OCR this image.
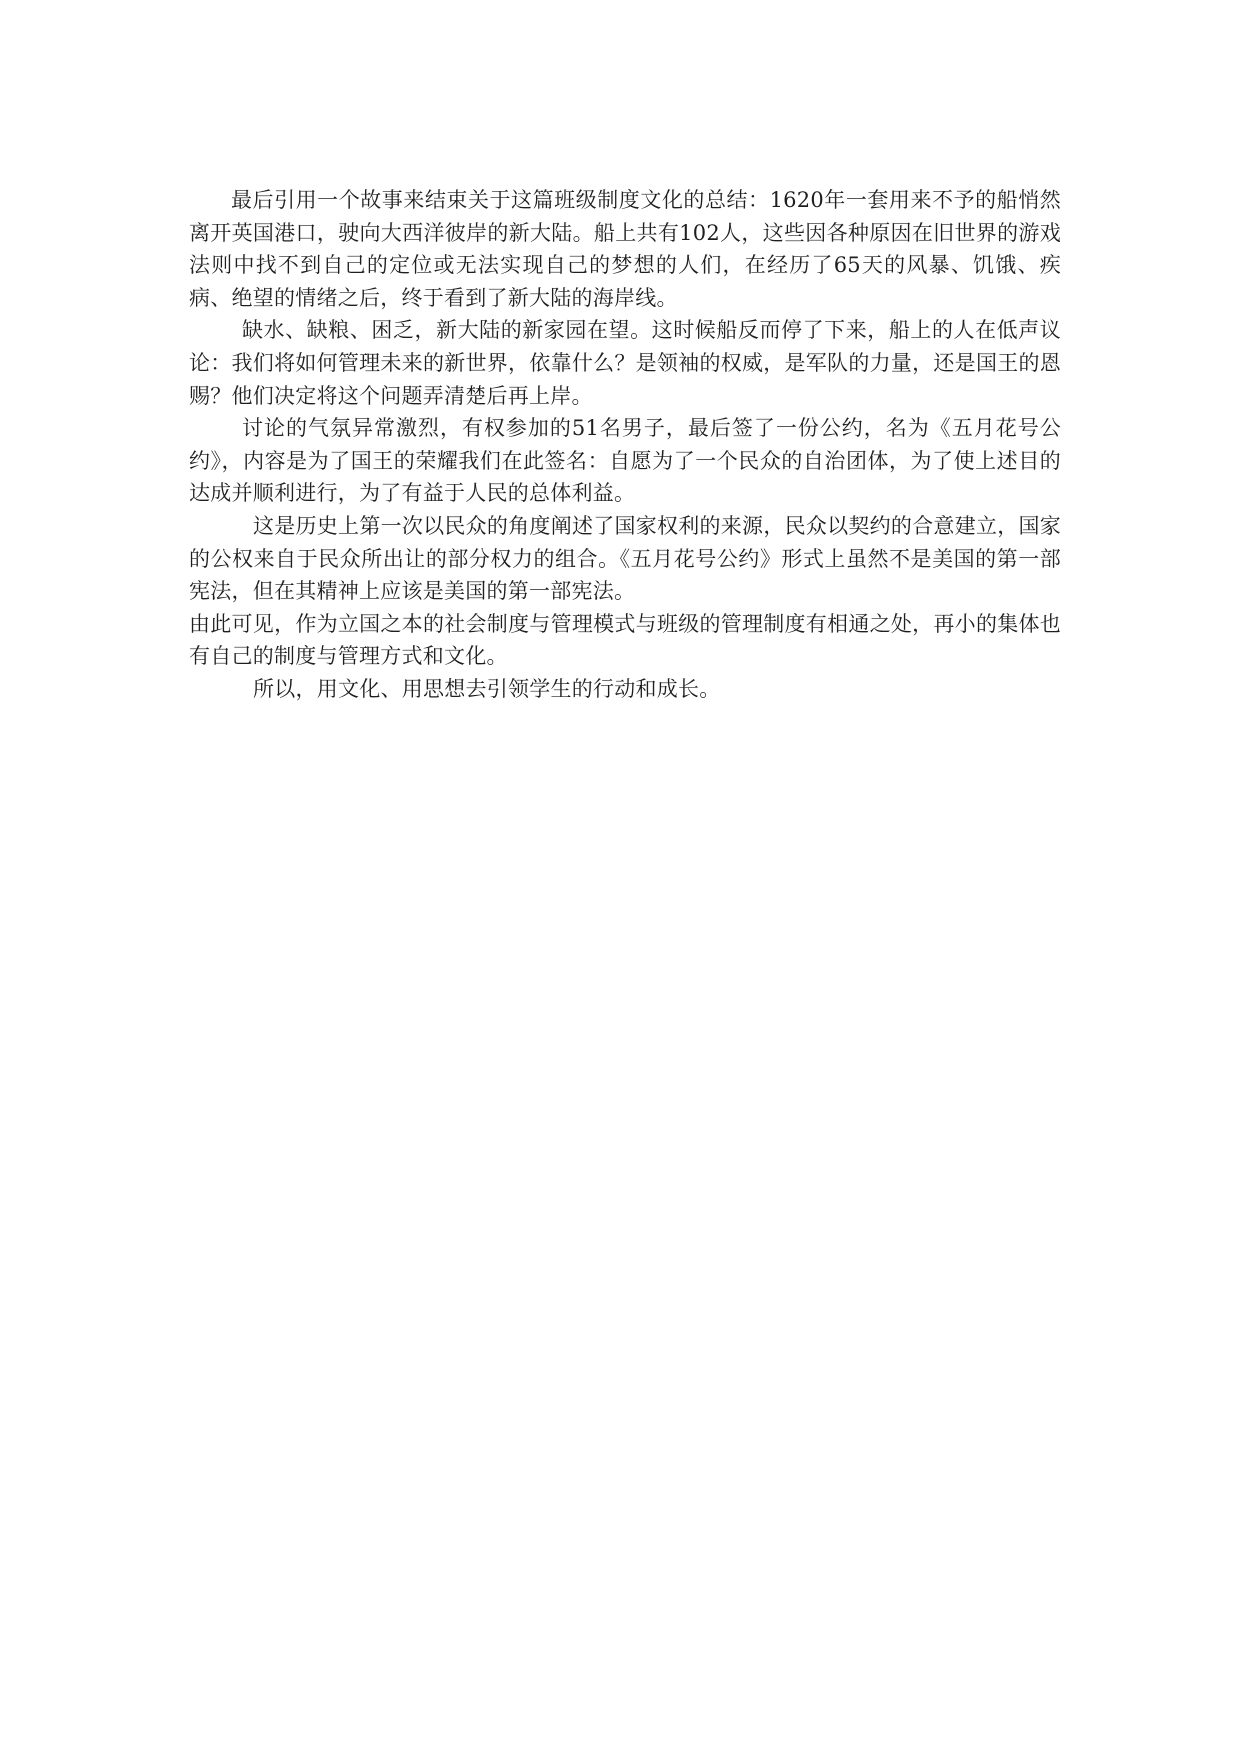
最后引用一个故事来结束关于这篇班级制度文化的总结：1620年一套用来不予的船悄然离开英国港口，驶向大西洋彼岸的新大陆。船上共有102人，这些因各种原因在旧世界的游戏法则中找不到自己的定位或无法实现自己的梦想的人们，在经历了65天的风暴、饥饿、疾病、绝望的情绪之后，终于看到了新大陆的海岸线。

缺水、缺粮、困乏，新大陆的新家园在望。这时候船反而停了下来，船上的人在低声议论：我们将如何管理未来的新世界，依靠什么？是领袖的权威，是军队的力量，还是国王的恩赐？他们决定将这个问题弄清楚后再上岸。

讨论的气氛异常激烈，有权参加的51名男子，最后签了一份公约，名为《五月花号公约》，内容是为了国王的荣耀我们在此签名：自愿为了一个民众的自治团体，为了使上述目的达成并顺利进行，为了有益于人民的总体利益。

这是历史上第一次以民众的角度阐述了国家权利的来源，民众以契约的合意建立，国家的公权来自于民众所出让的部分权力的组合。《五月花号公约》形式上虽然不是美国的第一部宪法，但在其精神上应该是美国的第一部宪法。

由此可见，作为立国之本的社会制度与管理模式与班级的管理制度有相通之处，再小的集体也有自己的制度与管理方式和文化。

所以，用文化、用思想去引领学生的行动和成长。
